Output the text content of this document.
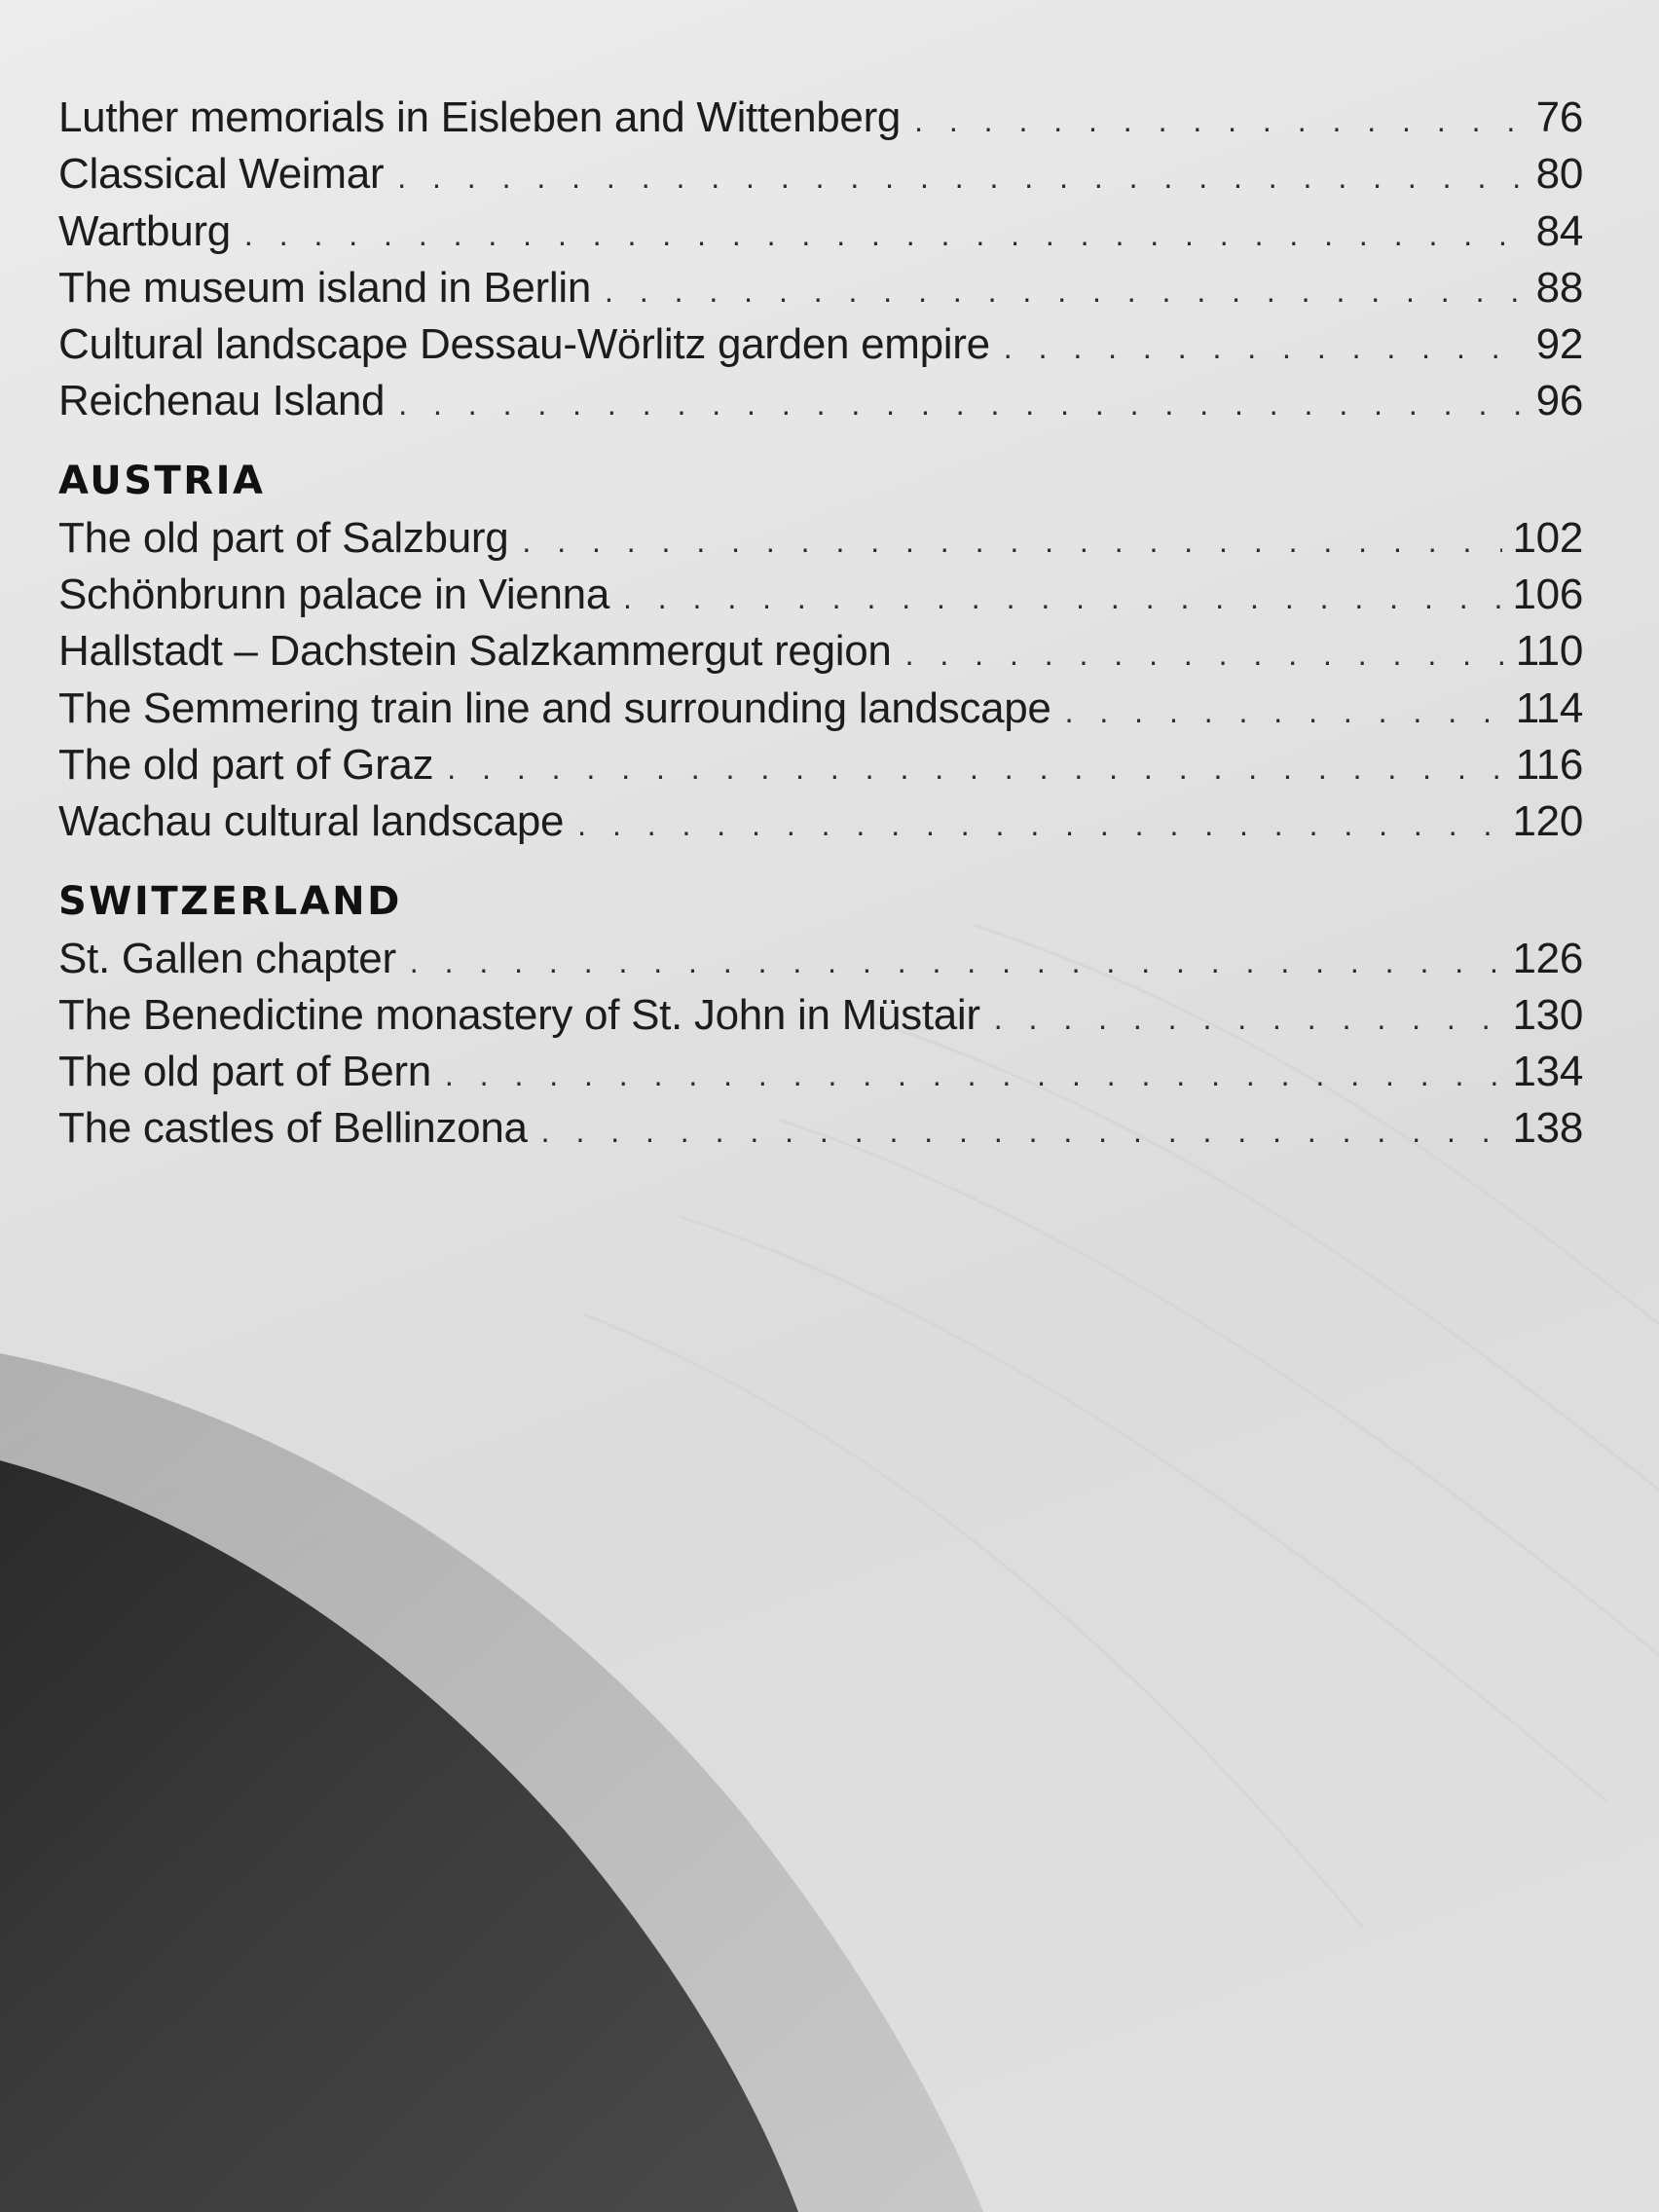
Luther memorials in Eisleben and Wittenberg . . .	76
Classical Weimar . . .	80
Wartburg . . .	84
The museum island in Berlin . . .	88
Cultural landscape Dessau-Wörlitz garden empire . . .	92
Reichenau Island . . .	96
AUSTRIA
The old part of Salzburg . . .	102
Schönbrunn palace in Vienna . . .	106
Hallstadt – Dachstein Salzkammergut region . . .	110
The Semmering train line and surrounding landscape . . .	114
The old part of Graz . . .	116
Wachau cultural landscape . . .	120
SWITZERLAND
St. Gallen chapter . . .	126
The Benedictine monastery of St. John in Müstair . . .	130
The old part of Bern . . .	134
The castles of Bellinzona . . .	138
